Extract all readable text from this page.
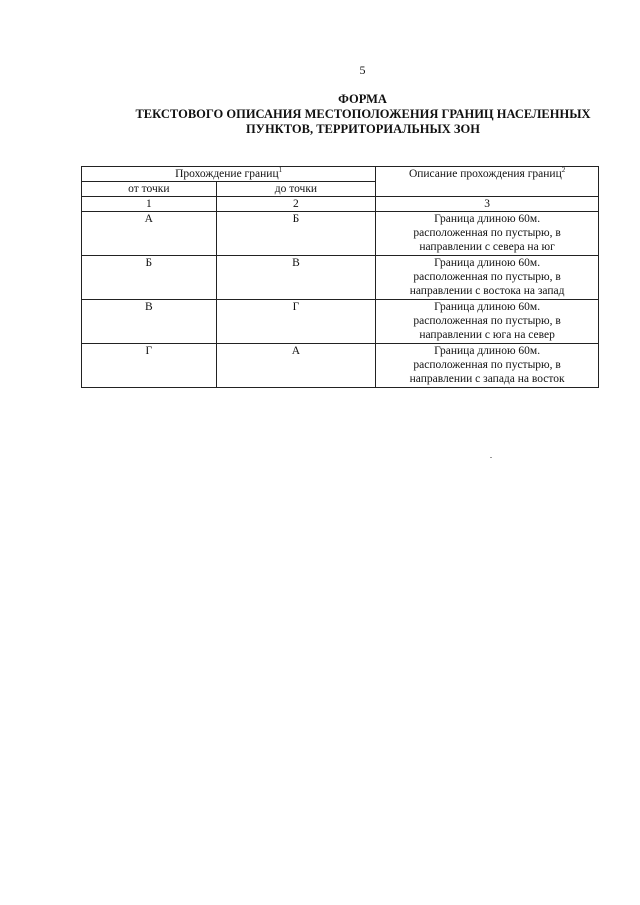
5
ФОРМА
ТЕКСТОВОГО ОПИСАНИЯ МЕСТОПОЛОЖЕНИЯ ГРАНИЦ НАСЕЛЕННЫХ ПУНКТОВ, ТЕРРИТОРИАЛЬНЫХ ЗОН
Прохождение границ$^1$		Описание прохождения границ$^2$
от точки	до точки	
1	2	3
А	Б	Граница длиною 60м.
расположенная по пустырю, в
направлении с севера на юг

Б	В	Граница длиною 60м.
расположенная по пустырю, в
направлении с востока на запад

В	Г	Граница длиною 60м.
расположенная по пустырю, в
направлении с юга на север

Г	А	Граница длиною 60м.
расположенная по пустырю, в
направлении с запада на восток
